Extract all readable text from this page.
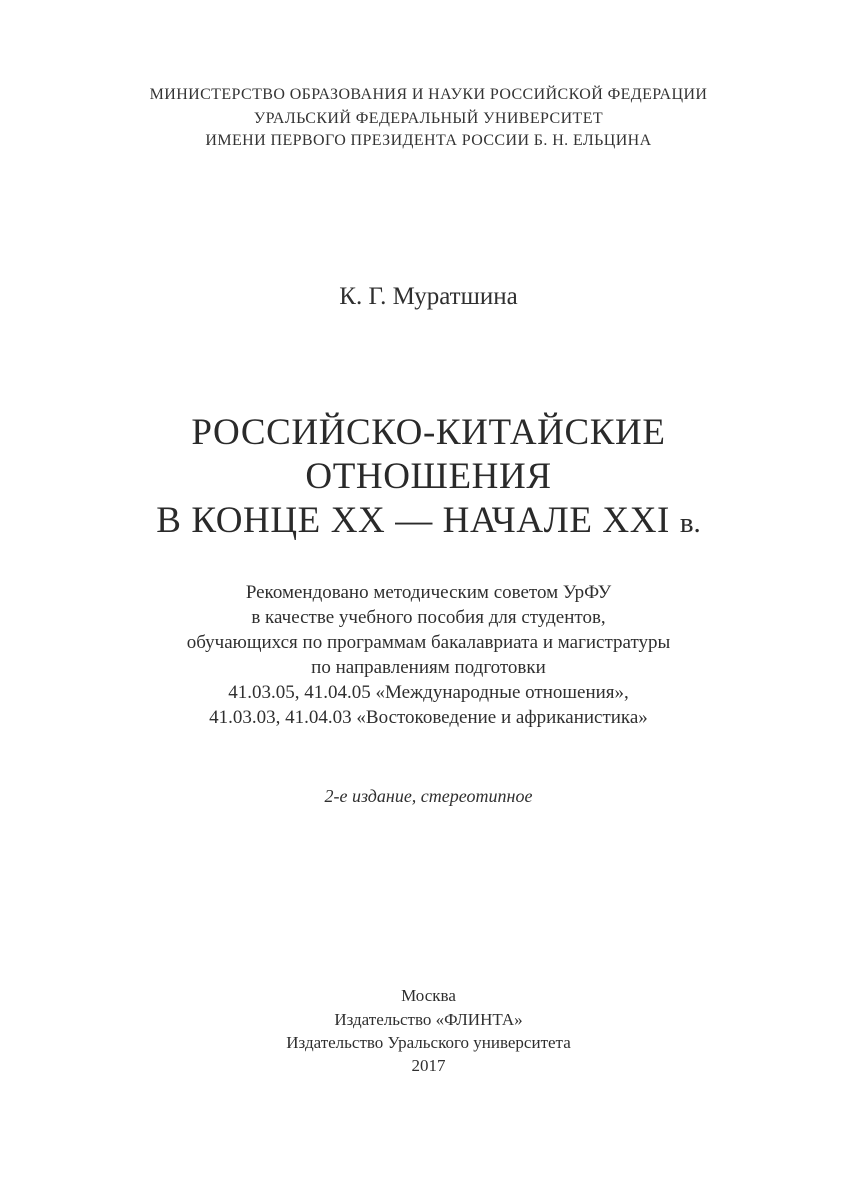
МИНИСТЕРСТВО ОБРАЗОВАНИЯ И НАУКИ РОССИЙСКОЙ ФЕДЕРАЦИИ
УРАЛЬСКИЙ ФЕДЕРАЛЬНЫЙ УНИВЕРСИТЕТ
ИМЕНИ ПЕРВОГО ПРЕЗИДЕНТА РОССИИ Б. Н. ЕЛЬЦИНА
К. Г. Муратшина
РОССИЙСКО-КИТАЙСКИЕ
ОТНОШЕНИЯ
В КОНЦЕ XX — НАЧАЛЕ XXI в.
Рекомендовано методическим советом УрФУ
в качестве учебного пособия для студентов,
обучающихся по программам бакалавриата и магистратуры
по направлениям подготовки
41.03.05, 41.04.05 «Международные отношения»,
41.03.03, 41.04.03 «Востоковедение и африканистика»
2-е издание, стереотипное
Москва
Издательство «ФЛИНТА»
Издательство Уральского университета
2017
